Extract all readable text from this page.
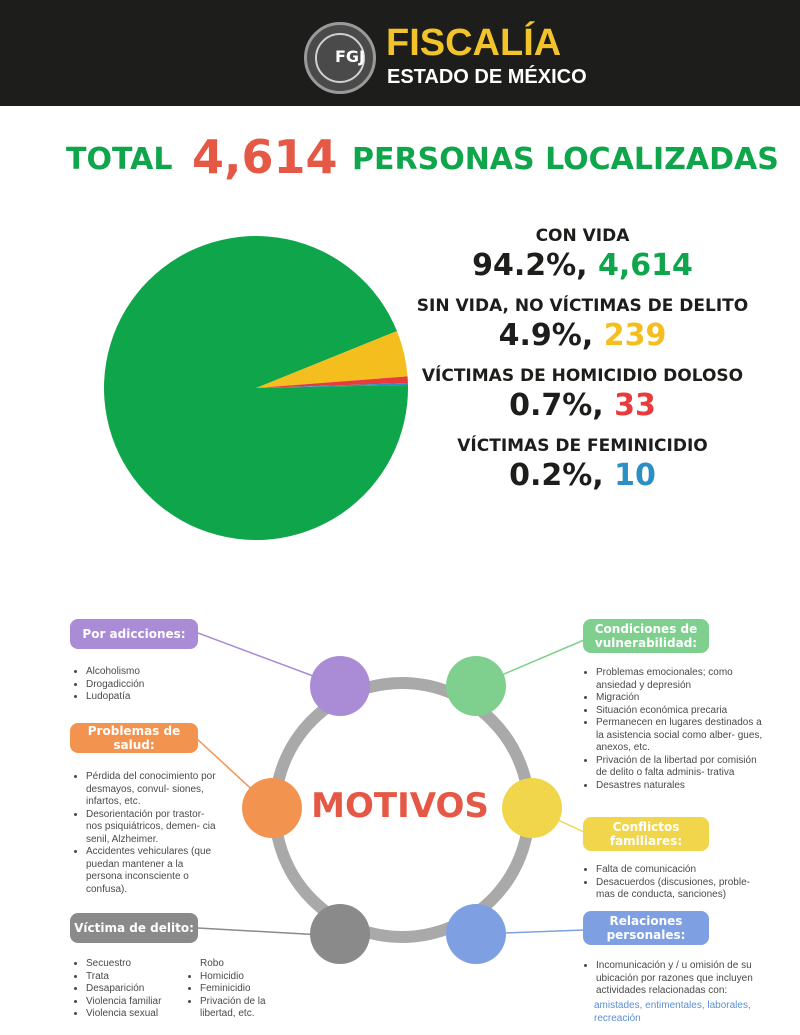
FGJ FISCALÍA
ESTADO DE MÉXICO
TOTAL 4,614 PERSONAS LOCALIZADAS
CON VIDA
94.2%, 4,614
SIN VIDA, NO VÍCTIMAS DE DELITO
4.9%, 239
VÍCTIMAS DE HOMICIDIO DOLOSO
0.7%, 33
VÍCTIMAS DE FEMINICIDIO
0.2%, 10
MOTIVOS
Por adicciones:
• Alcoholismo
• Drogadicción
• Ludopatía
Problemas de salud:
• Pérdida del conocimiento por desmayos, convul- siones, infartos, etc.
• Desorientación por trastor- nos psiquiátricos, demen- cia senil, Alzheimer.
• Accidentes vehiculares (que puedan mantener a la persona inconsciente o confusa).
Víctima de delito:
• Secuestro
• Trata
• Desaparición
• Violencia familiar
• Violencia sexual
Robo
• Homicidio
• Feminicidio
• Privación de la libertad, etc.
Condiciones de vulnerabilidad:
• Problemas emocionales; como ansiedad y depresión
• Migración
• Situación económica precaria
• Permanecen en lugares destinados a la asistencia social como alber- gues, anexos, etc.
• Privación de la libertad por comisión de delito o falta adminis- trativa
• Desastres naturales
Conflictos familiares:
• Falta de comunicación
• Desacuerdos (discusiones, proble- mas de conducta, sanciones)
Relaciones personales:
• Incomunicación y / u omisión de su ubicación por razones que incluyen actividades relacionadas con:
amistades, entimentales, laborales, recreación
